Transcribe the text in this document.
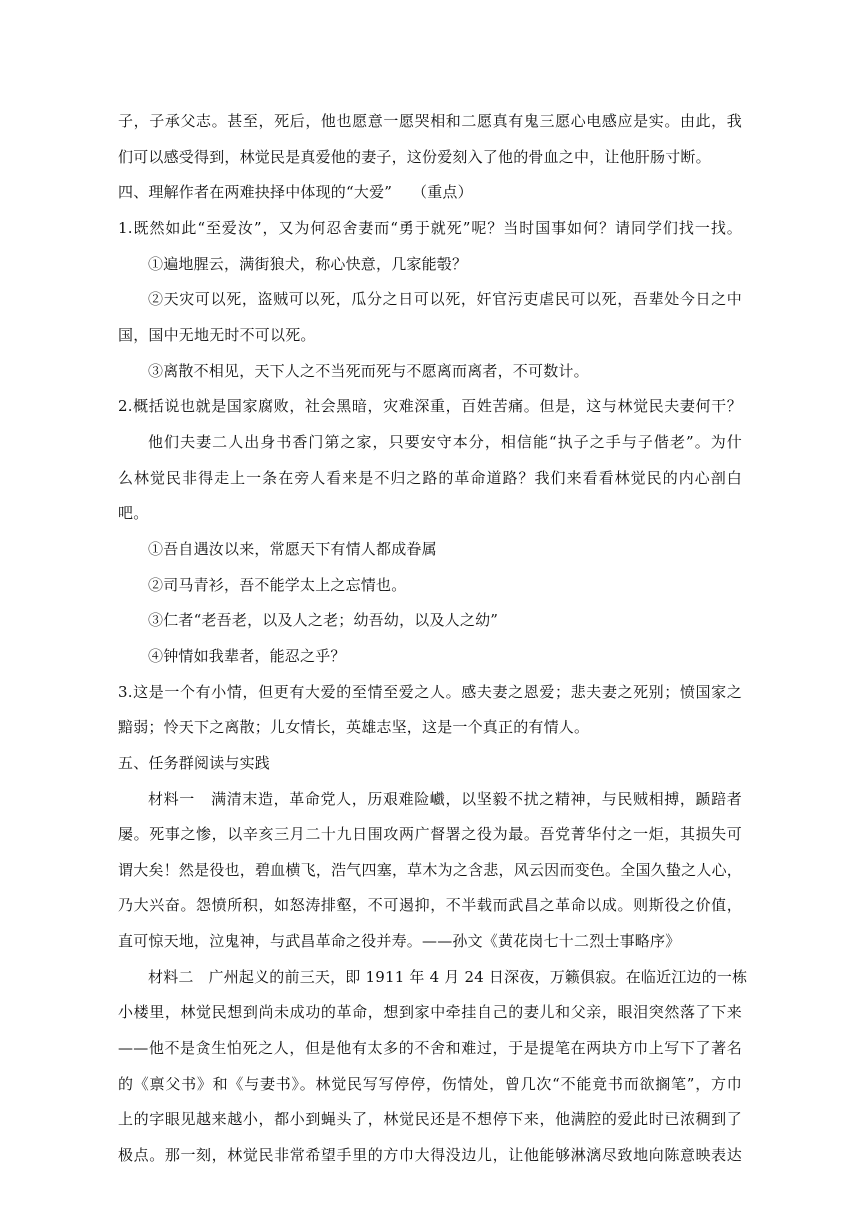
子，子承父志。甚至，死后，他也愿意一愿哭相和二愿真有鬼三愿心电感应是实。由此，我
们可以感受得到，林觉民是真爱他的妻子，这份爱刻入了他的骨血之中，让他肝肠寸断。
四、理解作者在两难抉择中体现的“大爱”    （重点）
1.既然如此“至爱汝”，又为何忍舍妻而“勇于就死”呢？当时国事如何？请同学们找一找。
①遍地腥云，满街狼犬，称心快意，几家能彀？
②天灾可以死，盗贼可以死，瓜分之日可以死，奸官污吏虐民可以死，吾辈处今日之中
国，国中无地无时不可以死。
③离散不相见，天下人之不当死而死与不愿离而离者，不可数计。
2.概括说也就是国家腐败，社会黑暗，灾难深重，百姓苦痛。但是，这与林觉民夫妻何干？
他们夫妻二人出身书香门第之家，只要安守本分，相信能“执子之手与子偕老”。为什
么林觉民非得走上一条在旁人看来是不归之路的革命道路？我们来看看林觉民的内心剖白
吧。
①吾自遇汝以来，常愿天下有情人都成眷属
②司马青衫，吾不能学太上之忘情也。
③仁者“老吾老，以及人之老；幼吾幼，以及人之幼”
④钟情如我辈者，能忍之乎？
3.这是一个有小情，但更有大爱的至情至爱之人。感夫妻之恩爱；悲夫妻之死别；愤国家之
黯弱；怜天下之离散；儿女情长，英雄志坚，这是一个真正的有情人。
五、任务群阅读与实践
材料一   满清末造，革命党人，历艰难险巇，以坚毅不扰之精神，与民贼相搏，踬踣者
屡。死事之惨，以辛亥三月二十九日围攻两广督署之役为最。吾党菁华付之一炬，其损失可
谓大矣！然是役也，碧血横飞，浩气四塞，草木为之含悲，风云因而变色。全国久蛰之人心，
乃大兴奋。怨愤所积，如怒涛排壑，不可遏抑，不半载而武昌之革命以成。则斯役之价值，
直可惊天地，泣鬼神，与武昌革命之役并寿。——孙文《黄花岗七十二烈士事略序》
材料二   广州起义的前三天，即 1911 年 4 月 24 日深夜，万籁俱寂。在临近江边的一栋
小楼里，林觉民想到尚未成功的革命，想到家中牵挂自己的妻儿和父亲，眼泪突然落了下来
——他不是贪生怕死之人，但是他有太多的不舍和难过，于是提笔在两块方巾上写下了著名
的《禀父书》和《与妻书》。林觉民写写停停，伤情处，曾几次“不能竟书而欲搁笔”，方巾
上的字眼见越来越小，都小到蝇头了，林觉民还是不想停下来，他满腔的爱此时已浓稠到了
极点。那一刻，林觉民非常希望手里的方巾大得没边儿，让他能够淋漓尽致地向陈意映表达
